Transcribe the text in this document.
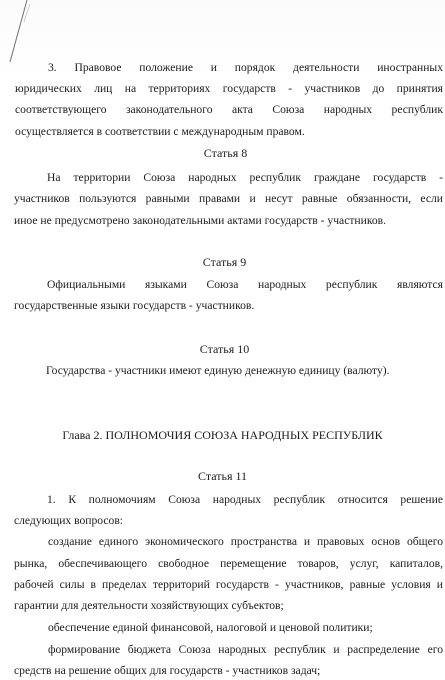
3. Правовое положение и порядок деятельности иностранных
юридических лиц на территориях государств - участников до принятия
соответствующего законодательного акта Союза народных республик
осуществляется в соответствии с международным правом.
Статья 8
На территории Союза народных республик граждане государств -
участников пользуются равными правами и несут равные обязанности, если
иное не предусмотрено законодательными актами государств - участников.
Статья 9
Официальными языками Союза народных республик являются
государственные языки государств - участников.
Статья 10
Государства - участники имеют единую денежную единицу (валюту).
Глава 2. ПОЛНОМОЧИЯ СОЮЗА НАРОДНЫХ РЕСПУБЛИК
Статья 11
1. К полномочиям Союза народных республик относится решение
следующих вопросов:
создание единого экономического пространства и правовых основ общего
рынка, обеспечивающего свободное перемещение товаров, услуг, капиталов,
рабочей силы в пределах территорий государств - участников, равные условия и
гарантии для деятельности хозяйствующих субъектов;
обеспечение единой финансовой, налоговой и ценовой политики;
формирование бюджета Союза народных республик и распределение его
средств на решение общих для государств - участников задач;
